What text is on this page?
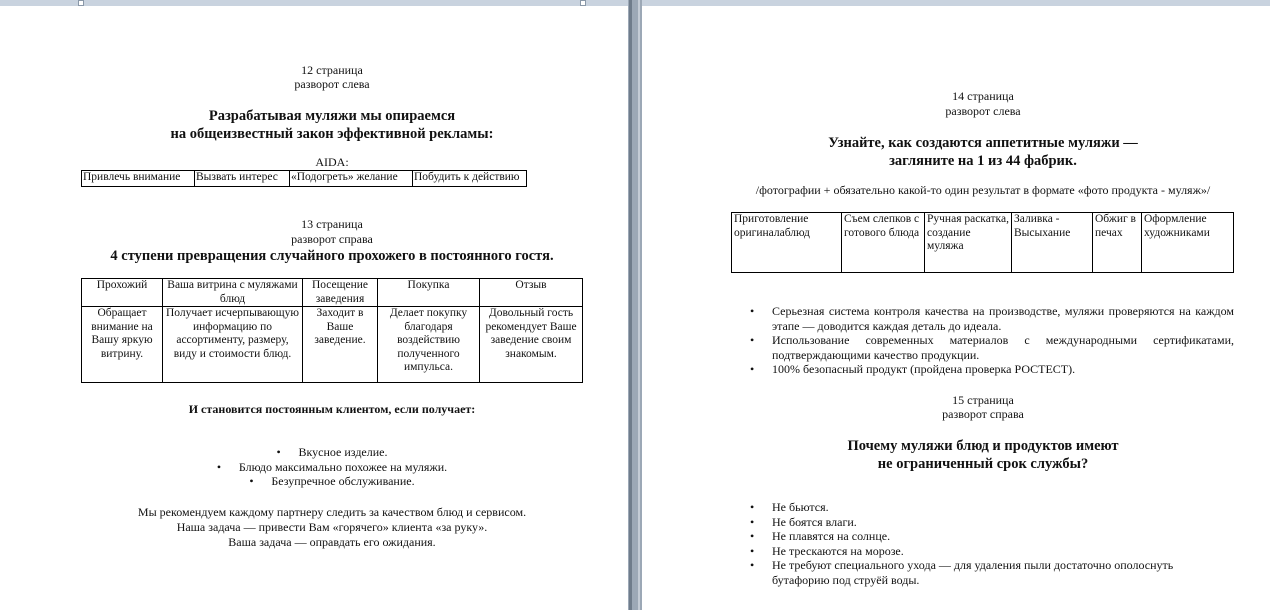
12 страница

разворот слева

Разрабатывая муляжи мы опираемся

на общеизвестный закон эффективной рекламы:

AIDA:

Привлечь внимание	Вызвать интерес	«Подогреть» желание	Побудить к действию

13 страница

разворот справа

4 ступени превращения случайного прохожего в постоянного гостя.

Прохожий	Ваша витрина с муляжами блюд	Посещение заведения	Покупка	Отзыв
Обращает внимание на Вашу яркую витрину.	Получает исчерпывающую информацию по ассортименту, размеру, виду и стоимости блюд.	Заходит в Ваше заведение.	Делает покупку благодаря воздействию полученного импульса.	Довольный гость рекомендует Ваше заведение своим знакомым.

И становится постоянным клиентом, если получает:

• Вкусное изделие.
• Блюдо максимально похожее на муляжи.
• Безупречное обслуживание.

Мы рекомендуем каждому партнеру следить за качеством блюд и сервисом.

Наша задача — привести Вам «горячего» клиента «за руку».

Ваша задача — оправдать его ожидания.

14 страница

разворот слева

Узнайте, как создаются аппетитные муляжи —

загляните на 1 из 44 фабрик.

/фотографии + обязательно какой-то один результат в формате «фото продукта - муляж»/

Приготовление оригиналаблюд	Съем слепков с готового блюда	Ручная раскатка, создание муляжа	Заливка - Высыхание	Обжиг в печах	Оформление художниками
• Серьезная система контроля качества на производстве, муляжи проверяются на каждом этапе — доводится каждая деталь до идеала.
• Использование современных материалов с международными сертификатами, подтверждающими качество продукции.
• 100% безопасный продукт (пройдена проверка РОСТЕСТ).

15 страница

разворот справа

Почему муляжи блюд и продуктов имеют

не ограниченный срок службы?

• Не бьются.
• Не боятся влаги.
• Не плавятся на солнце.
• Не трескаются на морозе.
• Не требуют специального ухода — для удаления пыли достаточно ополоснуть бутафорию под струёй воды.
